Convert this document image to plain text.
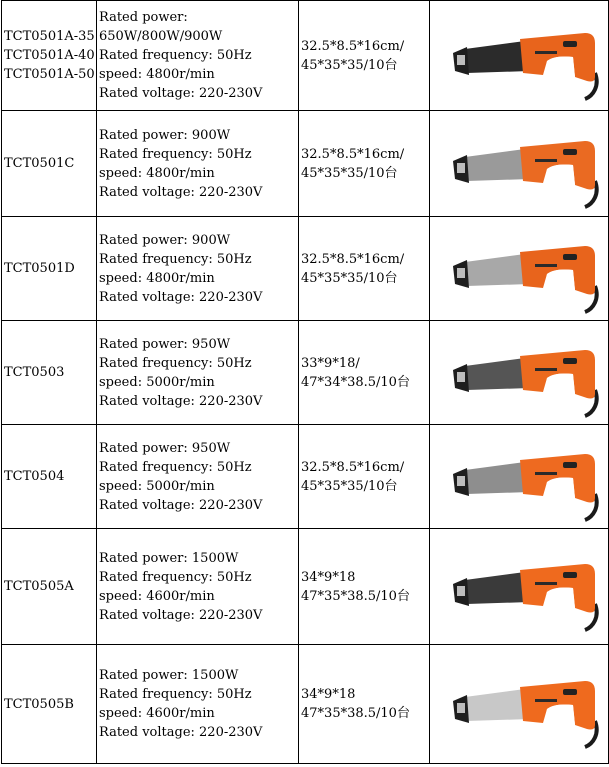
TCT0501A-35
TCT0501A-40
TCT0501A-50	Rated power:
650W/800W/900W
Rated frequency: 50Hz
speed: 4800r/min
Rated voltage: 220-230V	32.5*8.5*16cm/
45*35*35/10台

TCT0501C	Rated power: 900W
Rated frequency: 50Hz
speed: 4800r/min
Rated voltage: 220-230V	32.5*8.5*16cm/
45*35*35/10台

TCT0501D	Rated power: 900W
Rated frequency: 50Hz
speed: 4800r/min
Rated voltage: 220-230V	32.5*8.5*16cm/
45*35*35/10台

TCT0503	Rated power: 950W
Rated frequency: 50Hz
speed: 5000r/min
Rated voltage: 220-230V	33*9*18/
47*34*38.5/10台

TCT0504	Rated power: 950W
Rated frequency: 50Hz
speed: 5000r/min
Rated voltage: 220-230V	32.5*8.5*16cm/
45*35*35/10台

TCT0505A	Rated power: 1500W
Rated frequency: 50Hz
speed: 4600r/min
Rated voltage: 220-230V	34*9*18
47*35*38.5/10台

TCT0505B	Rated power: 1500W
Rated frequency: 50Hz
speed: 4600r/min
Rated voltage: 220-230V	34*9*18
47*35*38.5/10台
